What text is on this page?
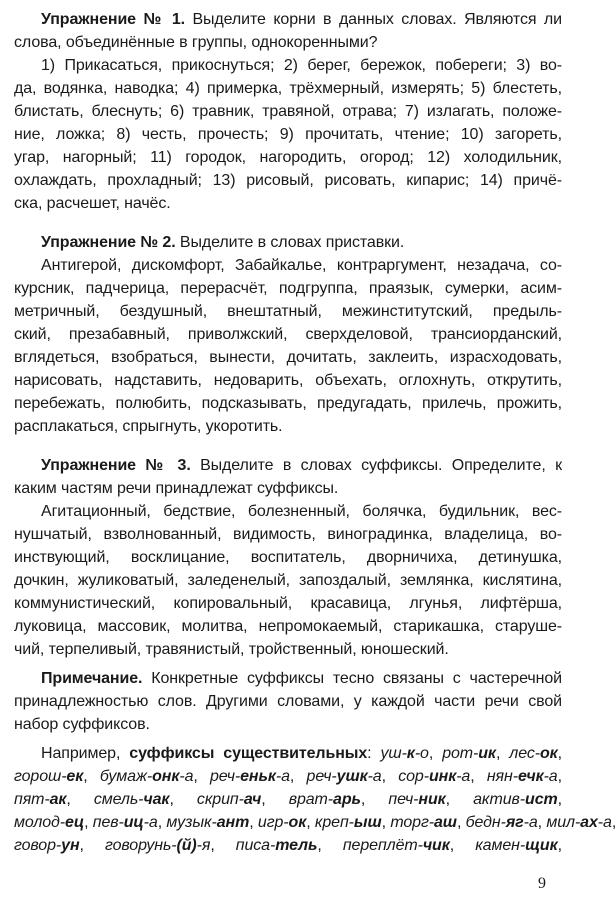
Упражнение № 1. Выделите корни в данных словах. Являются ли
слова, объединённые в группы, однокоренными?
1) Прикасаться, прикоснуться; 2) берег, бережок, побереги; 3) во-
да, водянка, наводка; 4) примерка, трёхмерный, измерять; 5) блестеть,
блистать, блеснуть; 6) травник, травяной, отрава; 7) излагать, положе-
ние, ложка; 8) честь, прочесть; 9) прочитать, чтение; 10) загореть,
угар, нагорный; 11) городок, нагородить, огород; 12) холодильник,
охлаждать, прохладный; 13) рисовый, рисовать, кипарис; 14) причё-
ска, расчешет, начёс.
Упражнение № 2. Выделите в словах приставки.
Антигерой, дискомфорт, Забайкалье, контраргумент, незадача, со-
курсник, падчерица, перерасчёт, подгруппа, праязык, сумерки, асим-
метричный, бездушный, внештатный, межинститутский, предыль-
ский, презабавный, приволжский, сверхделовой, трансиорданский,
вглядеться, взобраться, вынести, дочитать, заклеить, израсходовать,
нарисовать, надставить, недоварить, объехать, оглохнуть, открутить,
перебежать, полюбить, подсказывать, предугадать, прилечь, прожить,
расплакаться, спрыгнуть, укоротить.
Упражнение № 3. Выделите в словах суффиксы. Определите, к
каким частям речи принадлежат суффиксы.
Агитационный, бедствие, болезненный, болячка, будильник, вес-
нушчатый, взволнованный, видимость, виноградинка, владелица, во-
инствующий, восклицание, воспитатель, дворничиха, детинушка,
дочкин, жуликоватый, заледенелый, запоздалый, землянка, кислятина,
коммунистический, копировальный, красавица, лгунья, лифтёрша,
луковица, массовик, молитва, непромокаемый, старикашка, старуше-
чий, терпеливый, травянистый, тройственный, юношеский.
Примечание. Конкретные суффиксы тесно связаны с частеречной
принадлежностью слов. Другими словами, у каждой части речи свой
набор суффиксов.
Например, суффиксы существительных: уш-к-о, рот-ик, лес-ок,
горош-ек, бумаж-онк-а, реч-еньк-а, реч-ушк-а, сор-инк-а, нян-ечк-а,
пят-ак, смель-чак, скрип-ач, врат-арь, печ-ник, актив-ист,
молод-ец, пев-иц-а, музык-ант, игр-ок, креп-ыш, торг-аш, бедн-яг-а, мил-ах-а,
говор-ун, говорунь-(й)-я, писа-тель, переплёт-чик, камен-щик,
9
